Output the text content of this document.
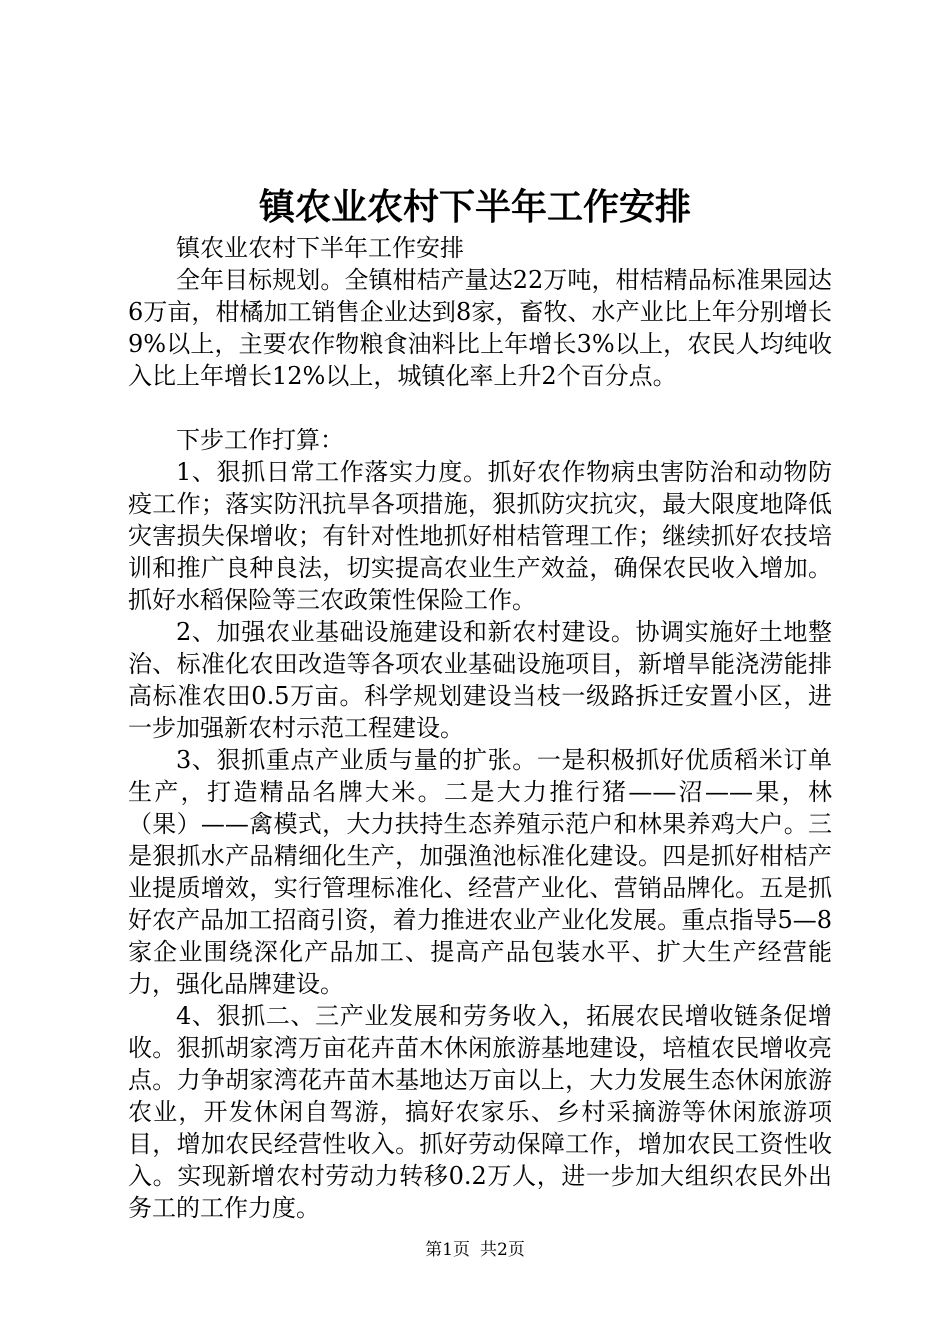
镇农业农村下半年工作安排

镇农业农村下半年工作安排

全年目标规划。全镇柑桔产量达22万吨，柑桔精品标准果园达6万亩，柑橘加工销售企业达到8家，畜牧、水产业比上年分别增长9%以上，主要农作物粮食油料比上年增长3%以上，农民人均纯收入比上年增长12%以上，城镇化率上升2个百分点。

下步工作打算：

1、狠抓日常工作落实力度。抓好农作物病虫害防治和动物防疫工作；落实防汛抗旱各项措施，狠抓防灾抗灾，最大限度地降低灾害损失保增收；有针对性地抓好柑桔管理工作；继续抓好农技培训和推广良种良法，切实提高农业生产效益，确保农民收入增加。抓好水稻保险等三农政策性保险工作。

2、加强农业基础设施建设和新农村建设。协调实施好土地整治、标准化农田改造等各项农业基础设施项目，新增旱能浇涝能排高标准农田0.5万亩。科学规划建设当枝一级路拆迁安置小区，进一步加强新农村示范工程建设。

3、狠抓重点产业质与量的扩张。一是积极抓好优质稻米订单生产，打造精品名牌大米。二是大力推行猪——沼——果，林（果）——禽模式，大力扶持生态养殖示范户和林果养鸡大户。三是狠抓水产品精细化生产，加强渔池标准化建设。四是抓好柑桔产业提质增效，实行管理标准化、经营产业化、营销品牌化。五是抓好农产品加工招商引资，着力推进农业产业化发展。重点指导5—8家企业围绕深化产品加工、提高产品包装水平、扩大生产经营能力，强化品牌建设。

4、狠抓二、三产业发展和劳务收入，拓展农民增收链条促增收。狠抓胡家湾万亩花卉苗木休闲旅游基地建设，培植农民增收亮点。力争胡家湾花卉苗木基地达万亩以上，大力发展生态休闲旅游农业，开发休闲自驾游，搞好农家乐、乡村采摘游等休闲旅游项目，增加农民经营性收入。抓好劳动保障工作，增加农民工资性收入。实现新增农村劳动力转移0.2万人，进一步加大组织农民外出务工的工作力度。

第1页 共2页
